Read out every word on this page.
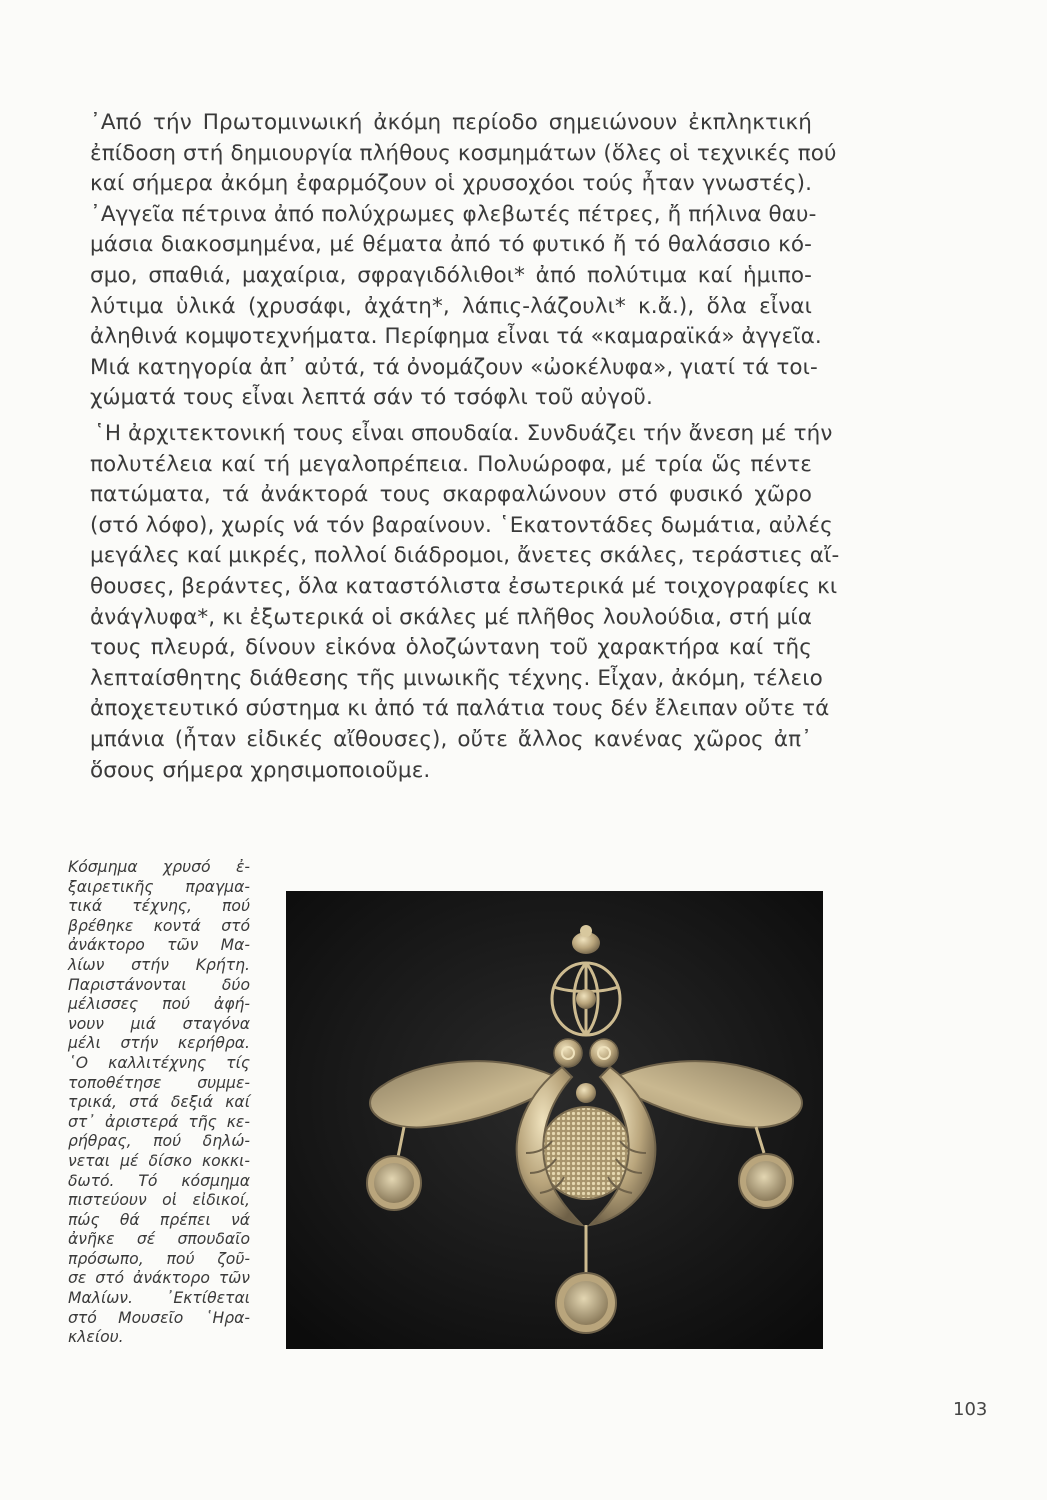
᾿Από τήν Πρωτομινωική ἀκόμη περίοδο σημειώνουν ἐκπληκτική
ἐπίδοση στή δημιουργία πλήθους κοσμημάτων (ὅλες οἱ τεχνικές πού
καί σήμερα ἀκόμη ἐφαρμόζουν οἱ χρυσοχόοι τούς ἦταν γνωστές).
᾿Αγγεῖα πέτρινα ἀπό πολύχρωμες φλεβωτές πέτρες, ἤ πήλινα θαυ-
μάσια διακοσμημένα, μέ θέματα ἀπό τό φυτικό ἤ τό θαλάσσιο κό-
σμο, σπαθιά, μαχαίρια, σφραγιδόλιθοι* ἀπό πολύτιμα καί ἡμιπο-
λύτιμα ὑλικά (χρυσάφι, ἀχάτη*, λάπις-λάζουλι* κ.ἄ.), ὅλα εἶναι
ἀληθινά κομψοτεχνήματα. Περίφημα εἶναι τά «καμαραϊκά» ἀγγεῖα.
Μιά κατηγορία ἀπ᾿ αὐτά, τά ὀνομάζουν «ὠοκέλυφα», γιατί τά τοι-
χώματά τους εἶναι λεπτά σάν τό τσόφλι τοῦ αὐγοῦ.
῾Η ἀρχιτεκτονική τους εἶναι σπουδαία. Συνδυάζει τήν ἄνεση μέ τήν
πολυτέλεια καί τή μεγαλοπρέπεια. Πολυώροφα, μέ τρία ὥς πέντε
πατώματα, τά ἀνάκτορά τους σκαρφαλώνουν στό φυσικό χῶρο
(στό λόφο), χωρίς νά τόν βαραίνουν. ῾Εκατοντάδες δωμάτια, αὐλές
μεγάλες καί μικρές, πολλοί διάδρομοι, ἄνετες σκάλες, τεράστιες αἴ-
θουσες, βεράντες, ὅλα καταστόλιστα ἐσωτερικά μέ τοιχογραφίες κι
ἀνάγλυφα*, κι ἐξωτερικά οἱ σκάλες μέ πλῆθος λουλούδια, στή μία
τους πλευρά, δίνουν εἰκόνα ὁλοζώντανη τοῦ χαρακτήρα καί τῆς
λεπταίσθητης διάθεσης τῆς μινωικῆς τέχνης. Εἶχαν, ἀκόμη, τέλειο
ἀποχετευτικό σύστημα κι ἀπό τά παλάτια τους δέν ἔλειπαν οὔτε τά
μπάνια (ἦταν εἰδικές αἴθουσες), οὔτε ἄλλος κανένας χῶρος ἀπ᾿
ὅσους σήμερα χρησιμοποιοῦμε.
Κόσμημα χρυσό ἐ-
ξαιρετικῆς πραγμα-
τικά τέχνης, πού
βρέθηκε κοντά στό
ἀνάκτορο τῶν Μα-
λίων στήν Κρήτη.
Παριστάνονται δύο
μέλισσες πού ἀφή-
νουν μιά σταγόνα
μέλι στήν κερήθρα.
῾Ο καλλιτέχνης τίς
τοποθέτησε συμμε-
τρικά, στά δεξιά καί
στ᾿ ἀριστερά τῆς κε-
ρήθρας, πού δηλώ-
νεται μέ δίσκο κοκκι-
δωτό. Τό κόσμημα
πιστεύουν οἱ εἰδικοί,
πώς θά πρέπει νά
ἀνῆκε σέ σπουδαῖο
πρόσωπο, πού ζοῦ-
σε στό ἀνάκτορο τῶν
Μαλίων. ᾿Εκτίθεται
στό Μουσεῖο ῾Ηρα-
κλείου.
103
